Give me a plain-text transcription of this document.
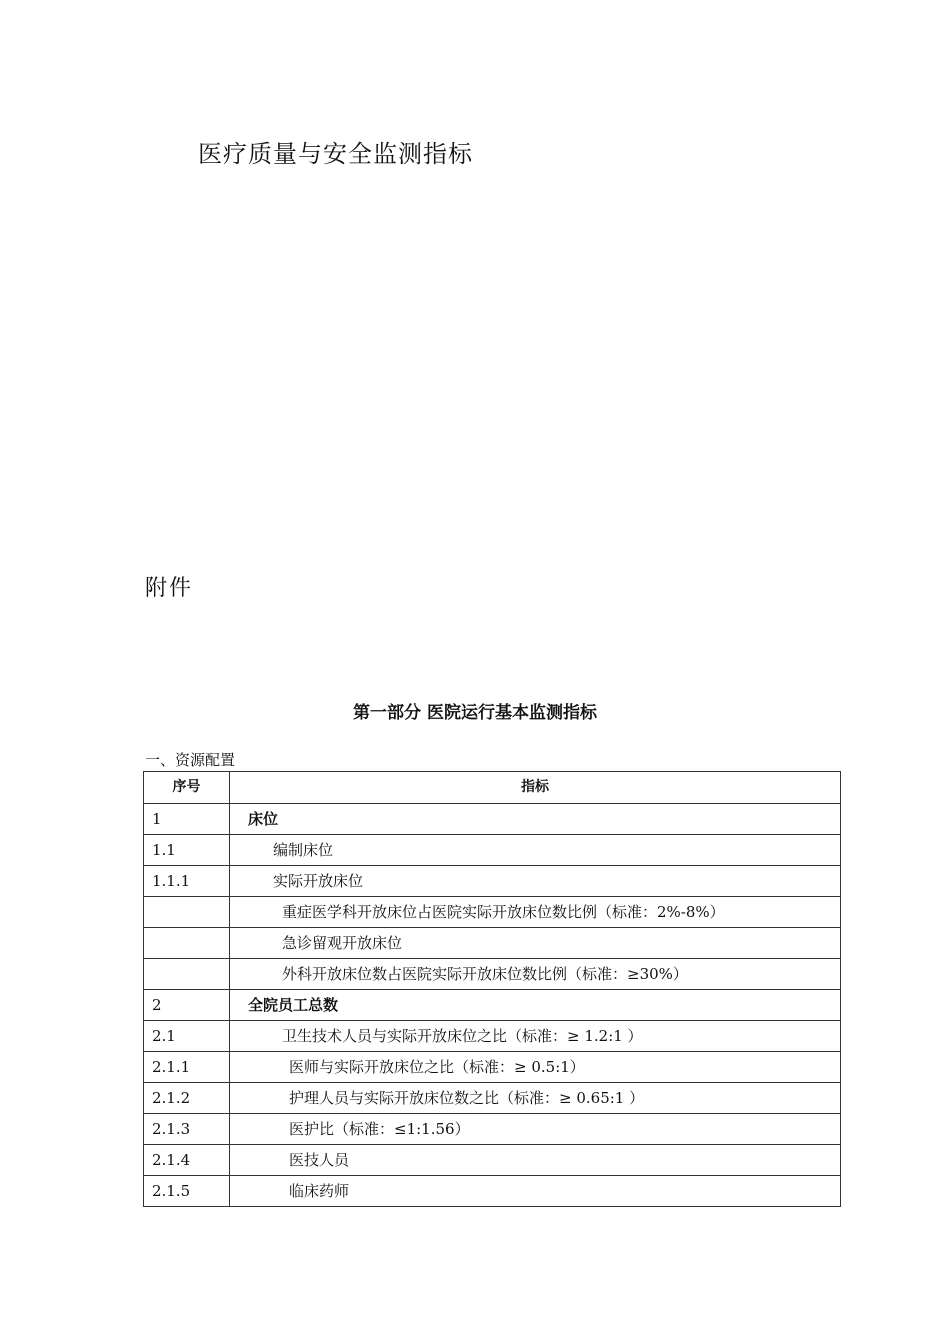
医疗质量与安全监测指标
附件
第一部分 医院运行基本监测指标
一、资源配置
序号	指标
1	床位
1.1	编制床位
1.1.1	实际开放床位
	重症医学科开放床位占医院实际开放床位数比例（标准：2%-8%）
	急诊留观开放床位
	外科开放床位数占医院实际开放床位数比例（标准：≥30%）
2	全院员工总数
2.1	卫生技术人员与实际开放床位之比（标准：≥ 1.2:1 ）
2.1.1	医师与实际开放床位之比（标准：≥ 0.5:1）
2.1.2	护理人员与实际开放床位数之比（标准：≥ 0.65:1 ）
2.1.3	医护比（标准：≤1:1.56）
2.1.4	医技人员
2.1.5	临床药师
